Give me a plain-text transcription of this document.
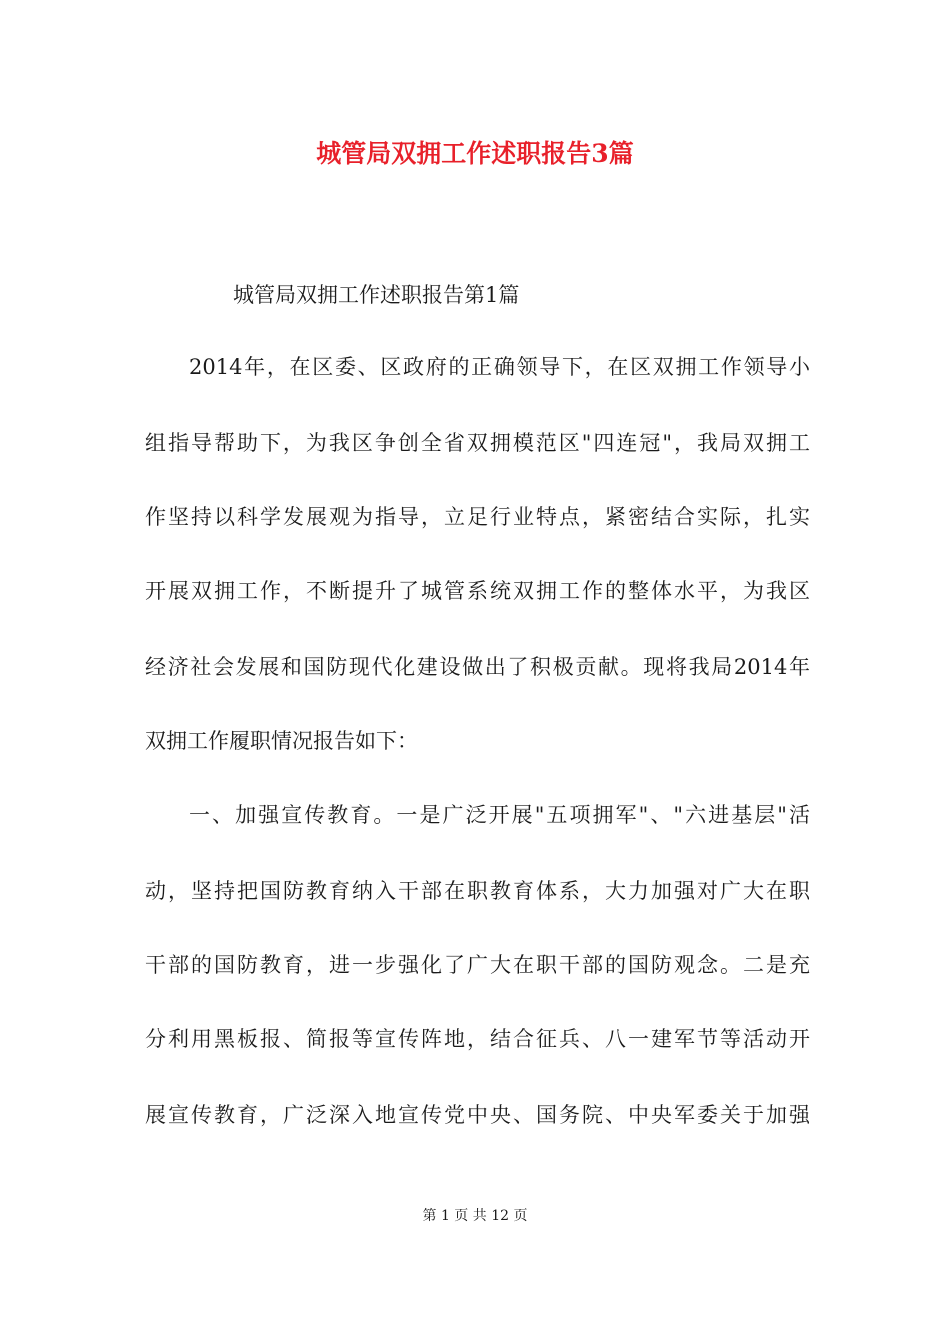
城管局双拥工作述职报告3篇

城管局双拥工作述职报告第1篇

2014年，在区委、区政府的正确领导下，在区双拥工作领导小

组指导帮助下，为我区争创全省双拥模范区"四连冠"，我局双拥工

作坚持以科学发展观为指导，立足行业特点，紧密结合实际，扎实

开展双拥工作，不断提升了城管系统双拥工作的整体水平，为我区

经济社会发展和国防现代化建设做出了积极贡献。现将我局2014年

双拥工作履职情况报告如下：

一、加强宣传教育。一是广泛开展"五项拥军"、"六进基层"活

动，坚持把国防教育纳入干部在职教育体系，大力加强对广大在职

干部的国防教育，进一步强化了广大在职干部的国防观念。二是充

分利用黑板报、简报等宣传阵地，结合征兵、八一建军节等活动开

展宣传教育，广泛深入地宣传党中央、国务院、中央军委关于加强

第 1 页 共 12 页
